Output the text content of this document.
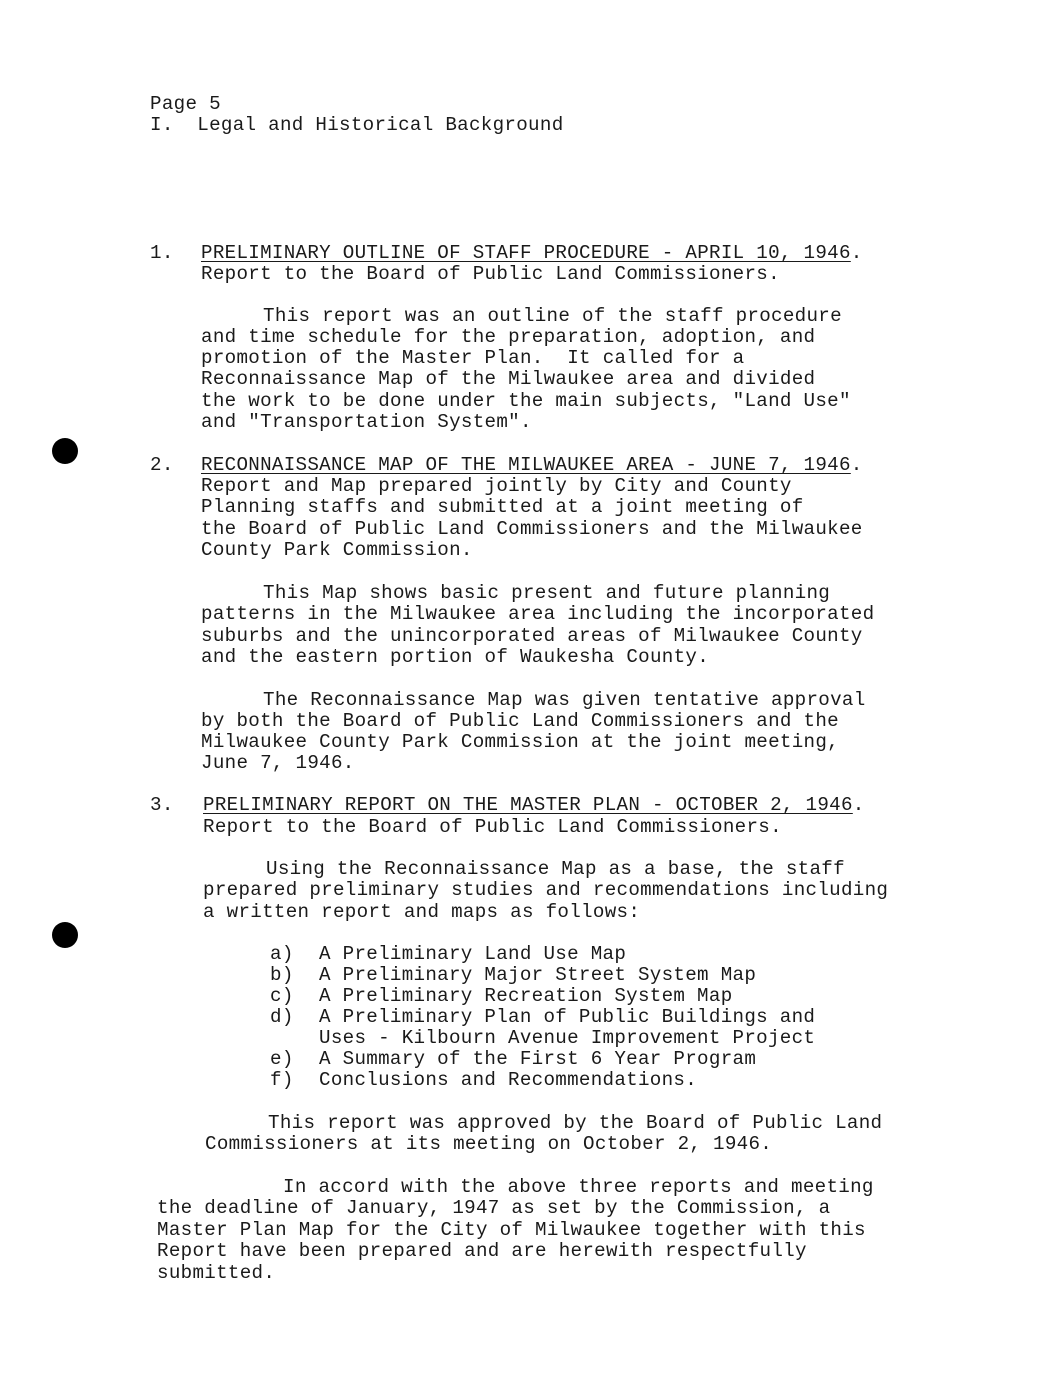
Page 5
I.  Legal and Historical Background
1. PRELIMINARY OUTLINE OF STAFF PROCEDURE - APRIL 10, 1946.
Report to the Board of Public Land Commissioners.
This report was an outline of the staff procedure
and time schedule for the preparation, adoption, and
promotion of the Master Plan.  It called for a
Reconnaissance Map of the Milwaukee area and divided
the work to be done under the main subjects, "Land Use"
and "Transportation System".
2. RECONNAISSANCE MAP OF THE MILWAUKEE AREA - JUNE 7, 1946.
Report and Map prepared jointly by City and County
Planning staffs and submitted at a joint meeting of
the Board of Public Land Commissioners and the Milwaukee
County Park Commission.
This Map shows basic present and future planning
patterns in the Milwaukee area including the incorporated
suburbs and the unincorporated areas of Milwaukee County
and the eastern portion of Waukesha County.
The Reconnaissance Map was given tentative approval
by both the Board of Public Land Commissioners and the
Milwaukee County Park Commission at the joint meeting,
June 7, 1946.
3. PRELIMINARY REPORT ON THE MASTER PLAN - OCTOBER 2, 1946.
Report to the Board of Public Land Commissioners.
Using the Reconnaissance Map as a base, the staff
prepared preliminary studies and recommendations including
a written report and maps as follows:
a) A Preliminary Land Use Map
b) A Preliminary Major Street System Map
c) A Preliminary Recreation System Map
d) A Preliminary Plan of Public Buildings and
Uses - Kilbourn Avenue Improvement Project
e) A Summary of the First 6 Year Program
f) Conclusions and Recommendations.
This report was approved by the Board of Public Land
Commissioners at its meeting on October 2, 1946.
In accord with the above three reports and meeting
the deadline of January, 1947 as set by the Commission, a
Master Plan Map for the City of Milwaukee together with this
Report have been prepared and are herewith respectfully
submitted.
